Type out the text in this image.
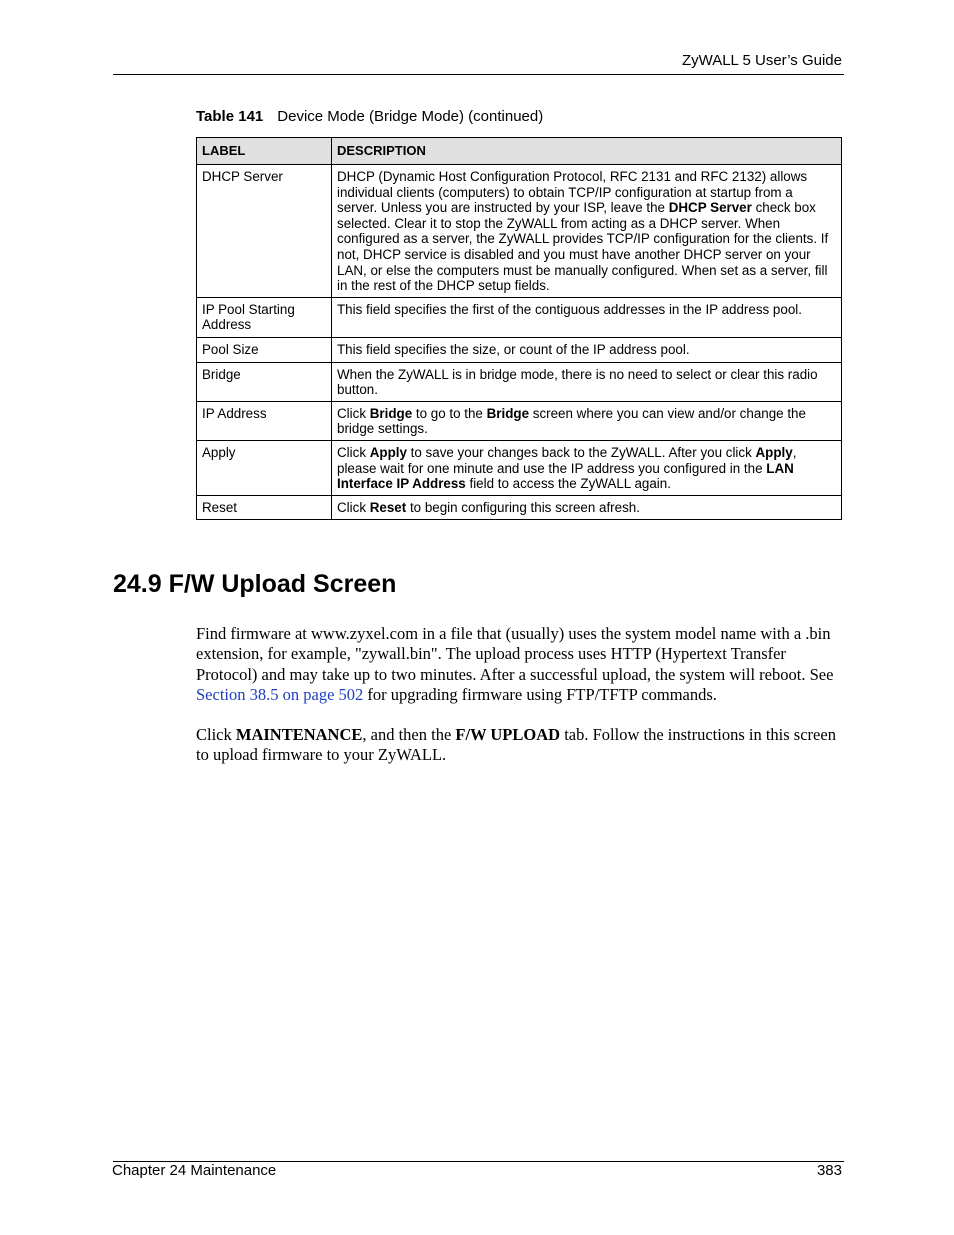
ZyWALL 5 User’s Guide
Table 141 Device Mode (Bridge Mode) (continued)
LABEL	DESCRIPTION
DHCP Server	DHCP (Dynamic Host Configuration Protocol, RFC 2131 and RFC 2132) allows individual clients (computers) to obtain TCP/IP configuration at startup from a server. Unless you are instructed by your ISP, leave the DHCP Server check box selected. Clear it to stop the ZyWALL from acting as a DHCP server. When configured as a server, the ZyWALL provides TCP/IP configuration for the clients. If not, DHCP service is disabled and you must have another DHCP server on your LAN, or else the computers must be manually configured. When set as a server, fill in the rest of the DHCP setup fields.
IP Pool Starting Address	This field specifies the first of the contiguous addresses in the IP address pool.
Pool Size	This field specifies the size, or count of the IP address pool.
Bridge	When the ZyWALL is in bridge mode, there is no need to select or clear this radio button.
IP Address	Click Bridge to go to the Bridge screen where you can view and/or change the bridge settings.
Apply	Click Apply to save your changes back to the ZyWALL. After you click Apply, please wait for one minute and use the IP address you configured in the LAN Interface IP Address field to access the ZyWALL again.
Reset	Click Reset to begin configuring this screen afresh.
24.9 F/W Upload Screen

Find firmware at www.zyxel.com in a file that (usually) uses the system model name with a .bin extension, for example, "zywall.bin". The upload process uses HTTP (Hypertext Transfer Protocol) and may take up to two minutes. After a successful upload, the system will reboot. See Section 38.5 on page 502 for upgrading firmware using FTP/TFTP commands.

Click MAINTENANCE, and then the F/W UPLOAD tab. Follow the instructions in this screen to upload firmware to your ZyWALL.

Chapter 24 Maintenance	383
